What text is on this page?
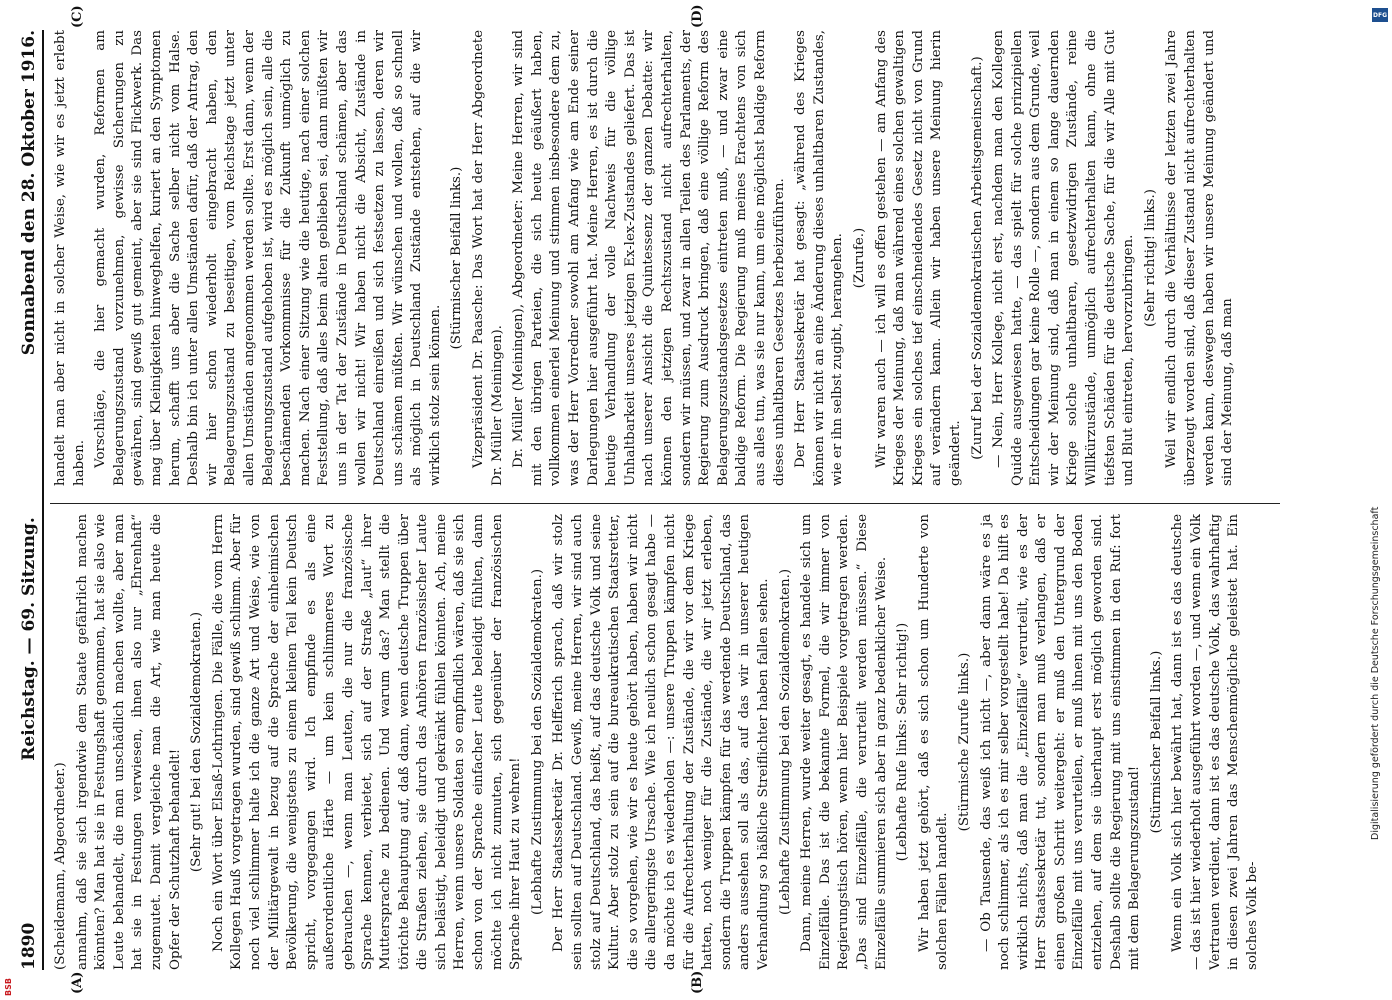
1890
Reichstag. — 69. Sitzung.
Sonnabend den 28. Oktober 1916.

(Scheidemann, Abgeordneter.) annahm, daß sie sich irgendwie dem Staate gefährlich machen könnten? Man hat sie in Festungshaft genommen, hat sie also wie Leute behandelt, die man unschädlich machen wollte, aber man hat sie in Festungen verwiesen, ihnen also nur „Ehrenhaft“ zugemutet. Damit vergleiche man die Art, wie man heute die Opfer der Schutzhaft behandelt! (Sehr gut! bei den Sozialdemokraten.) Noch ein Wort über Elsaß-Lothringen. Die Fälle, die vom Herrn Kollegen Hauß vorgetragen wurden, sind gewiß schlimm. Aber für noch viel schlimmer halte ich die ganze Art und Weise, wie von der Militärgewalt in bezug auf die Sprache der einheimischen Bevölkerung, die wenigstens zu einem kleinen Teil kein Deutsch spricht, vorgegangen wird. Ich empfinde es als eine außerordentliche Härte — um kein schlimmeres Wort zu gebrauchen —, wenn man Leuten, die nur die französische Sprache kennen, verbietet, sich auf der Straße „laut“ ihrer Muttersprache zu bedienen. Und warum das? Man stellt die törichte Behauptung auf, daß dann, wenn deutsche Truppen über die Straßen ziehen, sie durch das Anhören französischer Laute sich belästigt, beleidigt und gekränkt fühlen könnten. Ach, meine Herren, wenn unsere Soldaten so empfindlich wären, daß sie sich schon von der Sprache einfacher Leute beleidigt fühlten, dann möchte ich nicht zumuten, sich gegenüber der französischen Sprache ihrer Haut zu wehren! (Lebhafte Zustimmung bei den Sozialdemokraten.) Der Herr Staatssekretär Dr. Helfferich sprach, daß wir stolz sein sollten auf Deutschland. Gewiß, meine Herren, wir sind auch stolz auf Deutschland, das heißt, auf das deutsche Volk und seine Kultur. Aber stolz zu sein auf die bureaukratischen Staatsretter, die so vorgehen, wie wir es heute gehört haben, haben wir nicht die allergeringste Ursache. Wie ich neulich schon gesagt habe — da möchte ich es wiederholen —: unsere Truppen kämpfen nicht für die Aufrechterhaltung der Zustände, die wir vor dem Kriege hatten, noch weniger für die Zustände, die wir jetzt erleben, sondern die Truppen kämpfen für das werdende Deutschland, das anders aussehen soll als das, auf das wir in unserer heutigen Verhandlung so häßliche Streiflichter haben fallen sehen. (Lebhafte Zustimmung bei den Sozialdemokraten.) Dann, meine Herren, wurde weiter gesagt, es handele sich um Einzelfälle. Das ist die bekannte Formel, die wir immer von Regierungstisch hören, wenn hier Beispiele vorgetragen werden. „Das sind Einzelfälle, die verurteilt werden müssen.“ Diese Einzelfälle summieren sich aber in ganz bedenklicher Weise. (Lebhafte Rufe links: Sehr richtig!) Wir haben jetzt gehört, daß es sich schon um Hunderte von solchen Fällen handelt.

(Stürmische Zurufe links.) — Ob Tausende, das weiß ich nicht —, aber dann wäre es ja noch schlimmer, als ich es mir selber vorgestellt habe! Da hilft es wirklich nichts, daß man die „Einzelfälle“ verurteilt, wie es der Herr Staatssekretär tut, sondern man muß verlangen, daß er einen großen Schritt weitergeht: er muß den Untergrund der Einzelfälle mit uns verurteilen, er muß ihnen mit uns den Boden entziehen, auf dem sie überhaupt erst möglich geworden sind. Deshalb sollte die Regierung mit uns einstimmen in den Ruf: fort mit dem Belagerungszustand!

(Stürmischer Beifall links.) Wenn ein Volk sich hier bewährt hat, dann ist es das deutsche — das ist hier wiederholt ausgeführt worden —, und wenn ein Volk Vertrauen verdient, dann ist es das deutsche Volk, das wahrhaftig in diesen zwei Jahren das Menschenmögliche geleistet hat. Ein solches Volk be-

handelt man aber nicht in solcher Weise, wie wir es jetzt erlebt haben. Vorschläge, die hier gemacht wurden, Reformen am Belagerungszustand vorzunehmen, gewisse Sicherungen zu gewähren, sind gewiß gut gemeint, aber sie sind Flickwerk. Das mag über Kleinigkeiten hinweghelfen, kuriert an den Symptomen herum, schafft uns aber die Sache selber nicht vom Halse. Deshalb bin ich unter allen Umständen dafür, daß der Antrag, den wir hier schon wiederholt eingebracht haben, den Belagerungszustand zu beseitigen, vom Reichstage jetzt unter allen Umständen angenommen werden sollte. Erst dann, wenn der Belagerungszustand aufgehoben ist, wird es möglich sein, alle die beschämenden Vorkommnisse für die Zukunft unmöglich zu machen. Nach einer Sitzung wie die heutige, nach einer solchen Feststellung, daß alles beim alten geblieben sei, dann müßten wir uns in der Tat der Zustände in Deutschland schämen, aber das wollen wir nicht! Wir haben nicht die Absicht, Zustände in Deutschland einreißen und sich festsetzen zu lassen, deren wir uns schämen müßten. Wir wünschen und wollen, daß so schnell als möglich in Deutschland Zustände entstehen, auf die wir wirklich stolz sein können.

(Stürmischer Beifall links.) Vizepräsident Dr. Paasche: Das Wort hat der Herr Abgeordnete Dr. Müller (Meiningen). Dr. Müller (Meiningen), Abgeordneter: Meine Herren, wir sind mit den übrigen Parteien, die sich heute geäußert haben, vollkommen einerlei Meinung und stimmen insbesondere dem zu, was der Herr Vorredner sowohl am Anfang wie am Ende seiner Darlegungen hier ausgeführt hat. Meine Herren, es ist durch die heutige Verhandlung der volle Nachweis für die völlige Unhaltbarkeit unseres jetzigen Ex-lex-Zustandes geliefert. Das ist nach unserer Ansicht die Quintessenz der ganzen Debatte: wir können den jetzigen Rechtszustand nicht aufrechterhalten, sondern wir müssen, und zwar in allen Teilen des Parlaments, der Regierung zum Ausdruck bringen, daß eine völlige Reform des Belagerungszustandsgesetzes eintreten muß, — und zwar eine baldige Reform. Die Regierung muß meines Erachtens von sich aus alles tun, was sie nur kann, um eine möglichst baldige Reform dieses unhaltbaren Gesetzes herbeizuführen. Der Herr Staatssekretär hat gesagt: „während des Krieges können wir nicht an eine Änderung dieses unhaltbaren Zustandes, wie er ihn selbst zugibt, herangehen. (Zurufe.) Wir waren auch — ich will es offen gestehen — am Anfang des Krieges der Meinung, daß man während eines solchen gewaltigen Krieges ein solches tief einschneidendes Gesetz nicht von Grund auf verändern kann. Allein wir haben unsere Meinung hierin geändert. (Zuruf bei der Sozialdemokratischen Arbeitsgemeinschaft.) — Nein, Herr Kollege, nicht erst, nachdem man den Kollegen Quidde ausgewiesen hatte, — das spielt für solche prinzipiellen Entscheidungen gar keine Rolle —, sondern aus dem Grunde, weil wir der Meinung sind, daß man in einem so lange dauernden Kriege solche unhaltbaren, gesetzwidrigen Zustände, reine Willkürzustände, unmöglich aufrechterhalten kann, ohne die tiefsten Schäden für die deutsche Sache, für die wir Alle mit Gut und Blut eintreten, hervorzubringen. (Sehr richtig! links.) Weil wir endlich durch die Verhältnisse der letzten zwei Jahre überzeugt worden sind, daß dieser Zustand nicht aufrechterhalten werden kann, deswegen haben wir unsere Meinung geändert und sind der Meinung, daß man

(A)	(B)
(C)	(D)	DFG
Digitalisierung gefördert durch die Deutsche Forschungsgemeinschaft
BSB
